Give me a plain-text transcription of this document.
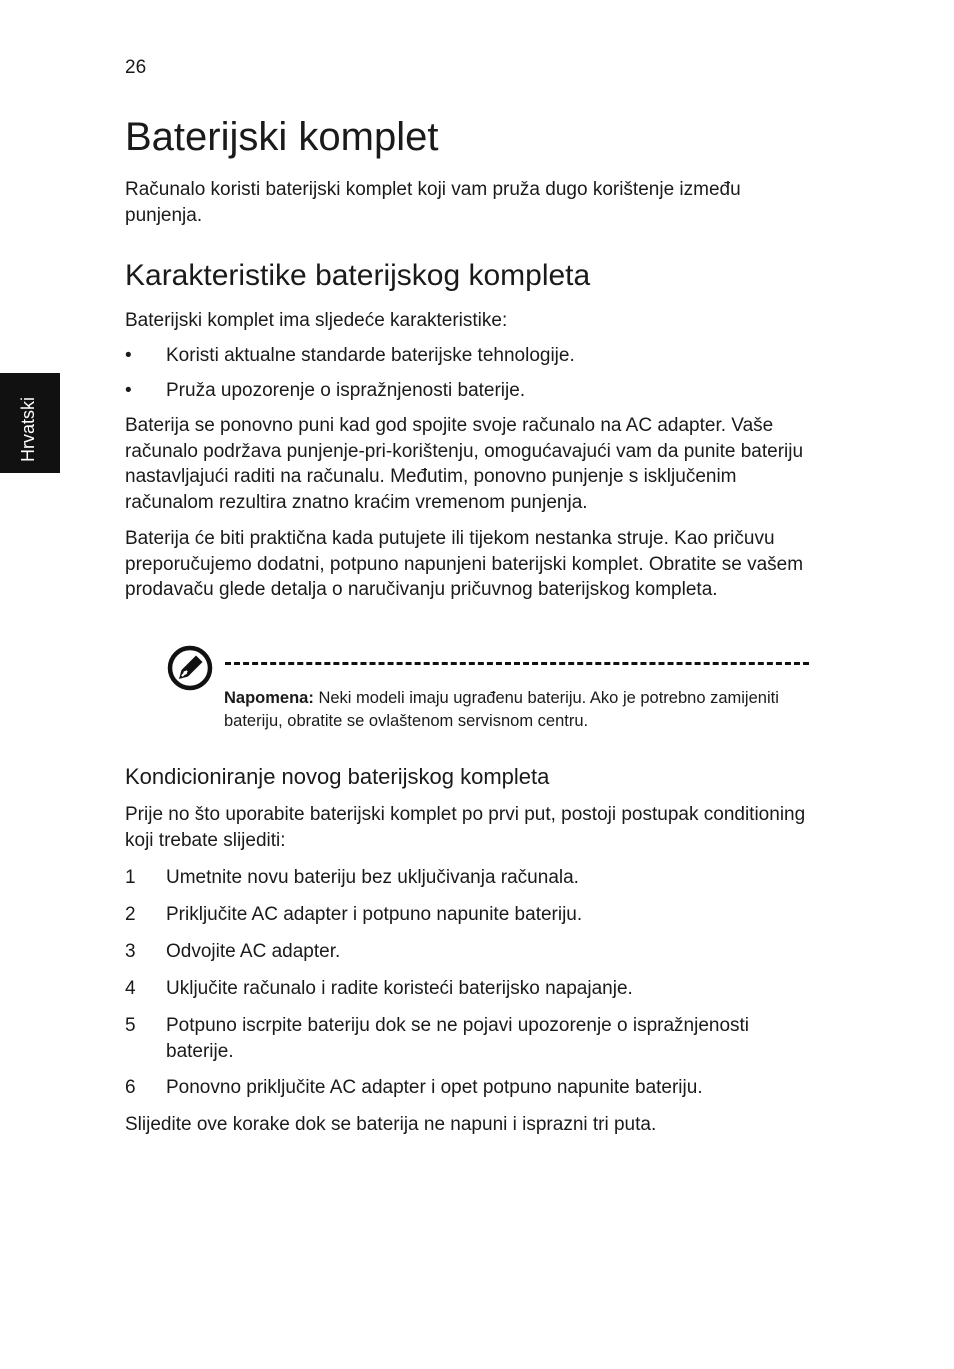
26
Hrvatski
Baterijski komplet

Računalo koristi baterijski komplet koji vam pruža dugo korištenje između punjenja.

Karakteristike baterijskog kompleta

Baterijski komplet ima sljedeće karakteristike:

•	Koristi aktualne standarde baterijske tehnologije.
•	Pruža upozorenje o ispražnjenosti baterije.

Baterija se ponovno puni kad god spojite svoje računalo na AC adapter. Vaše računalo podržava punjenje-pri-korištenju, omogućavajući vam da punite bateriju nastavljajući raditi na računalu. Međutim, ponovno punjenje s isključenim računalom rezultira znatno kraćim vremenom punjenja.

Baterija će biti praktična kada putujete ili tijekom nestanka struje. Kao pričuvu preporučujemo dodatni, potpuno napunjeni baterijski komplet. Obratite se vašem prodavaču glede detalja o naručivanju pričuvnog baterijskog kompleta.

Kondicioniranje novog baterijskog kompleta

Prije no što uporabite baterijski komplet po prvi put, postoji postupak conditioning koji trebate slijediti:

1	Umetnite novu bateriju bez uključivanja računala.
2	Priključite AC adapter i potpuno napunite bateriju.
3	Odvojite AC adapter.
4	Uključite računalo i radite koristeći baterijsko napajanje.
5	Potpuno iscrpite bateriju dok se ne pojavi upozorenje o ispražnjenosti baterije.
6	Ponovno priključite AC adapter i opet potpuno napunite bateriju.

Slijedite ove korake dok se baterija ne napuni i isprazni tri puta.

Napomena: Neki modeli imaju ugrađenu bateriju. Ako je potrebno zamijeniti bateriju, obratite se ovlaštenom servisnom centru.
